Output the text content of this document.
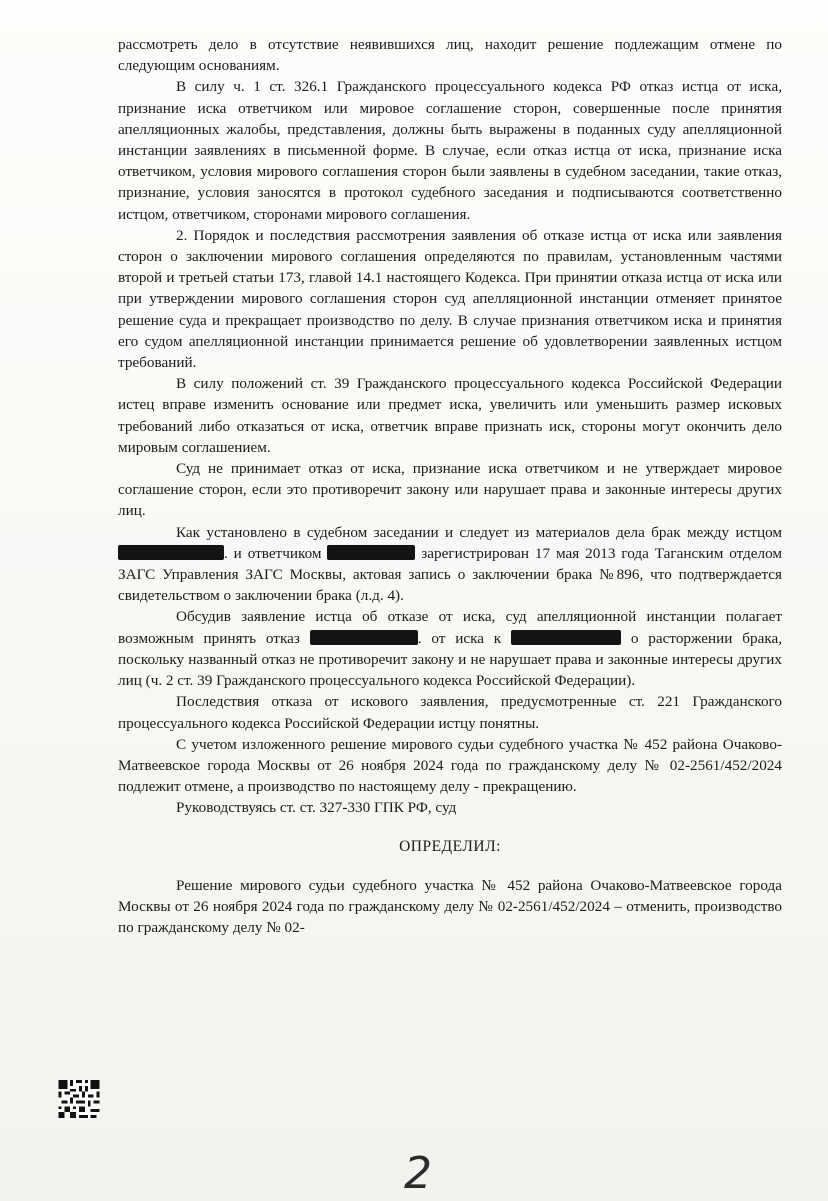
рассмотреть дело в отсутствие неявившихся лиц, находит решение подлежащим отмене по следующим основаниям.

В силу ч. 1 ст. 326.1 Гражданского процессуального кодекса РФ отказ истца от иска, признание иска ответчиком или мировое соглашение сторон, совершенные после принятия апелляционных жалобы, представления, должны быть выражены в поданных суду апелляционной инстанции заявлениях в письменной форме. В случае, если отказ истца от иска, признание иска ответчиком, условия мирового соглашения сторон были заявлены в судебном заседании, такие отказ, признание, условия заносятся в протокол судебного заседания и подписываются соответственно истцом, ответчиком, сторонами мирового соглашения.

2. Порядок и последствия рассмотрения заявления об отказе истца от иска или заявления сторон о заключении мирового соглашения определяются по правилам, установленным частями второй и третьей статьи 173, главой 14.1 настоящего Кодекса. При принятии отказа истца от иска или при утверждении мирового соглашения сторон суд апелляционной инстанции отменяет принятое решение суда и прекращает производство по делу. В случае признания ответчиком иска и принятия его судом апелляционной инстанции принимается решение об удовлетворении заявленных истцом требований.

В силу положений ст. 39 Гражданского процессуального кодекса Российской Федерации истец вправе изменить основание или предмет иска, увеличить или уменьшить размер исковых требований либо отказаться от иска, ответчик вправе признать иск, стороны могут окончить дело мировым соглашением.

Суд не принимает отказ от иска, признание иска ответчиком и не утверждает мировое соглашение сторон, если это противоречит закону или нарушает права и законные интересы других лиц.

Как установлено в судебном заседании и следует из материалов дела брак между истцом . и ответчиком	зарегистрирован 17 мая 2013 года Таганским отделом ЗАГС Управления ЗАГС Москвы, актовая запись о заключении брака №896, что подтверждается свидетельством о заключении брака (л.д. 4).

Обсудив заявление истца об отказе от иска, суд апелляционной инстанции полагает возможным принять отказ	. от иска к	о расторжении брака, поскольку названный отказ не противоречит закону и не нарушает права и законные интересы других лиц (ч. 2 ст. 39 Гражданского процессуального кодекса Российской Федерации).

Последствия отказа от искового заявления, предусмотренные ст. 221 Гражданского процессуального кодекса Российской Федерации истцу понятны.

С учетом изложенного решение мирового судьи судебного участка № 452 района Очаково-Матвеевское города Москвы от 26 ноября 2024 года по гражданскому делу № 02-2561/452/2024 подлежит отмене, а производство по настоящему делу - прекращению.

Руководствуясь ст. ст. 327-330 ГПК РФ, суд

ОПРЕДЕЛИЛ:

Решение мирового судьи судебного участка № 452 района Очаково-Матвеевское города Москвы от 26 ноября 2024 года по гражданскому делу № 02-2561/452/2024 – отменить, производство по гражданскому делу № 02-

2
